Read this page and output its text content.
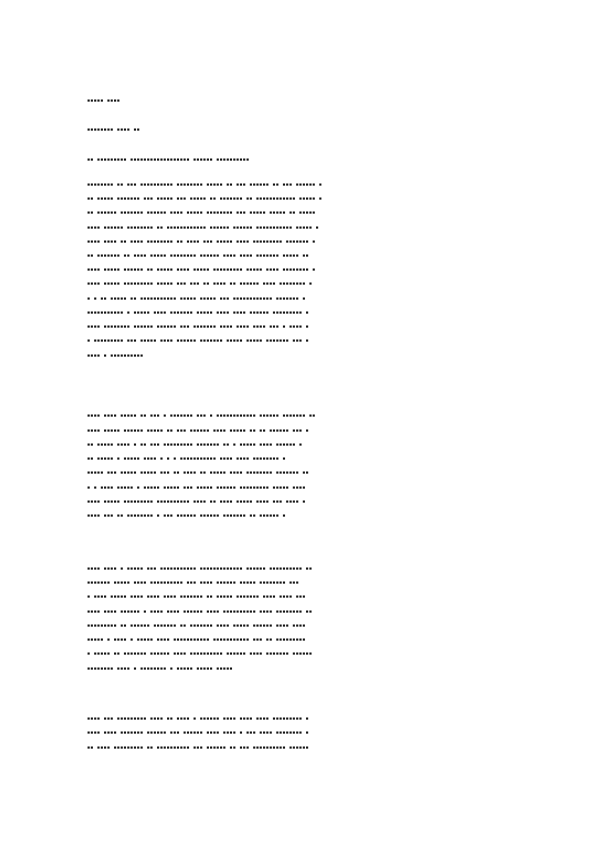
▪▪▪▪▪ ▪▪▪▪

▪▪▪▪▪▪▪▪ ▪▪▪▪ ▪▪

▪▪ ▪▪▪▪▪▪▪▪▪ ▪▪▪▪▪▪▪▪▪▪▪▪▪▪▪▪▪▪ ▪▪▪▪▪▪ ▪▪▪▪▪▪▪▪▪▪

▪▪▪▪▪▪▪▪ ▪▪ ▪▪▪ ▪▪▪▪▪▪▪▪▪▪ ▪▪▪▪▪▪▪▪ ▪▪▪▪▪ ▪▪ ▪▪▪ ▪▪▪▪▪▪ ▪▪ ▪▪▪ ▪▪▪▪▪▪ ▪

▪▪ ▪▪▪▪▪ ▪▪▪▪▪▪▪ ▪▪▪ ▪▪▪▪▪ ▪▪▪ ▪▪▪▪▪ ▪▪ ▪▪▪▪▪▪▪ ▪▪ ▪▪▪▪▪▪▪▪▪▪▪▪ ▪▪▪▪▪ ▪

▪▪ ▪▪▪▪▪▪ ▪▪▪▪▪▪▪ ▪▪▪▪▪▪ ▪▪▪▪ ▪▪▪▪▪ ▪▪▪▪▪▪▪▪ ▪▪▪ ▪▪▪▪▪ ▪▪▪▪▪ ▪▪ ▪▪▪▪▪

▪▪▪▪ ▪▪▪▪▪▪ ▪▪▪▪▪▪▪▪ ▪▪ ▪▪▪▪▪▪▪▪▪▪▪▪ ▪▪▪▪▪▪ ▪▪▪▪▪▪ ▪▪▪▪▪▪▪▪▪▪▪ ▪▪▪▪▪ ▪

▪▪▪▪ ▪▪▪▪ ▪▪ ▪▪▪▪ ▪▪▪▪▪▪▪▪ ▪▪ ▪▪▪▪ ▪▪▪ ▪▪▪▪▪ ▪▪▪▪ ▪▪▪▪▪▪▪▪▪ ▪▪▪▪▪▪▪ ▪

▪▪ ▪▪▪▪▪▪▪ ▪▪ ▪▪▪▪ ▪▪▪▪▪ ▪▪▪▪▪▪▪▪ ▪▪▪▪▪▪ ▪▪▪▪ ▪▪▪▪ ▪▪▪▪▪▪▪ ▪▪▪▪▪ ▪▪

▪▪▪▪ ▪▪▪▪▪ ▪▪▪▪▪▪ ▪▪ ▪▪▪▪▪ ▪▪▪▪ ▪▪▪▪▪ ▪▪▪▪▪▪▪▪▪ ▪▪▪▪▪ ▪▪▪▪ ▪▪▪▪▪▪▪▪ ▪

▪▪▪▪ ▪▪▪▪▪ ▪▪▪▪▪▪▪▪▪ ▪▪▪▪▪ ▪▪▪ ▪▪▪ ▪▪ ▪▪▪▪ ▪▪ ▪▪▪▪▪▪ ▪▪▪▪ ▪▪▪▪▪▪▪▪ ▪

▪ ▪ ▪▪ ▪▪▪▪▪ ▪▪ ▪▪▪▪▪▪▪▪▪▪▪ ▪▪▪▪▪ ▪▪▪▪▪ ▪▪▪ ▪▪▪▪▪▪▪▪▪▪▪▪ ▪▪▪▪▪▪▪ ▪

▪▪▪▪▪▪▪▪▪▪▪ ▪ ▪▪▪▪▪ ▪▪▪▪ ▪▪▪▪▪▪▪ ▪▪▪▪▪ ▪▪▪▪ ▪▪▪▪ ▪▪▪▪▪▪ ▪▪▪▪▪▪▪▪▪ ▪

▪▪▪▪ ▪▪▪▪▪▪▪▪ ▪▪▪▪▪▪ ▪▪▪▪▪▪ ▪▪▪ ▪▪▪▪▪▪▪ ▪▪▪▪ ▪▪▪▪ ▪▪▪▪ ▪▪▪ ▪ ▪▪▪▪ ▪

▪ ▪▪▪▪▪▪▪▪▪ ▪▪▪ ▪▪▪▪▪ ▪▪▪▪ ▪▪▪▪▪▪ ▪▪▪▪▪▪▪ ▪▪▪▪▪ ▪▪▪▪▪ ▪▪▪▪▪▪▪ ▪▪▪ ▪

▪▪▪▪ ▪ ▪▪▪▪▪▪▪▪▪▪

▪▪▪▪ ▪▪▪▪ ▪▪▪▪▪ ▪▪ ▪▪▪ ▪ ▪▪▪▪▪▪▪ ▪▪▪ ▪ ▪▪▪▪▪▪▪▪▪▪▪▪ ▪▪▪▪▪▪ ▪▪▪▪▪▪▪ ▪▪

▪▪▪▪ ▪▪▪▪▪ ▪▪▪▪▪▪ ▪▪▪▪▪ ▪▪ ▪▪▪ ▪▪▪▪▪▪ ▪▪▪▪ ▪▪▪▪▪ ▪▪ ▪▪ ▪▪▪▪▪▪ ▪▪▪ ▪

▪▪ ▪▪▪▪▪ ▪▪▪▪ ▪ ▪▪ ▪▪▪ ▪▪▪▪▪▪▪▪▪ ▪▪▪▪▪▪▪ ▪▪ ▪ ▪▪▪▪▪ ▪▪▪▪ ▪▪▪▪▪▪ ▪

▪▪ ▪▪▪▪▪ ▪ ▪▪▪▪▪ ▪▪▪▪ ▪ ▪ ▪ ▪▪▪▪▪▪▪▪▪▪▪ ▪▪▪▪ ▪▪▪▪ ▪▪▪▪▪▪▪▪ ▪

▪▪▪▪▪ ▪▪▪ ▪▪▪▪▪ ▪▪▪▪▪ ▪▪▪ ▪▪ ▪▪▪▪ ▪▪ ▪▪▪▪▪ ▪▪▪▪ ▪▪▪▪▪▪▪▪ ▪▪▪▪▪▪▪ ▪▪

▪ ▪ ▪▪▪▪ ▪▪▪▪▪ ▪ ▪▪▪▪▪ ▪▪▪▪▪ ▪▪▪ ▪▪▪▪▪ ▪▪▪▪▪▪ ▪▪▪▪▪▪▪▪▪ ▪▪▪▪▪ ▪▪▪▪

▪▪▪▪ ▪▪▪▪▪ ▪▪▪▪▪▪▪▪▪ ▪▪▪▪▪▪▪▪▪▪ ▪▪▪▪ ▪▪ ▪▪▪▪ ▪▪▪▪▪ ▪▪▪▪ ▪▪▪ ▪▪▪▪ ▪

▪▪▪▪ ▪▪▪ ▪▪ ▪▪▪▪▪▪▪▪ ▪ ▪▪▪ ▪▪▪▪▪▪ ▪▪▪▪▪▪ ▪▪▪▪▪▪▪ ▪▪ ▪▪▪▪▪▪ ▪

▪▪▪▪ ▪▪▪▪ ▪ ▪▪▪▪▪ ▪▪▪ ▪▪▪▪▪▪▪▪▪▪▪ ▪▪▪▪▪▪▪▪▪▪▪▪▪ ▪▪▪▪▪▪ ▪▪▪▪▪▪▪▪▪▪ ▪▪

▪▪▪▪▪▪▪ ▪▪▪▪▪ ▪▪▪▪ ▪▪▪▪▪▪▪▪▪▪ ▪▪▪ ▪▪▪▪ ▪▪▪▪▪▪ ▪▪▪▪▪ ▪▪▪▪▪▪▪▪ ▪▪▪

▪ ▪▪▪▪ ▪▪▪▪▪ ▪▪▪▪ ▪▪▪▪ ▪▪▪▪ ▪▪▪▪▪▪▪ ▪▪ ▪▪▪▪▪ ▪▪▪▪▪▪▪ ▪▪▪▪ ▪▪▪▪ ▪▪▪

▪▪▪▪ ▪▪▪▪ ▪▪▪▪▪▪ ▪ ▪▪▪▪ ▪▪▪▪ ▪▪▪▪▪▪ ▪▪▪▪ ▪▪▪▪▪▪▪▪▪▪ ▪▪▪▪ ▪▪▪▪▪▪▪▪ ▪▪

▪▪▪▪▪▪▪▪▪ ▪▪ ▪▪▪▪▪▪ ▪▪▪▪▪▪▪ ▪▪ ▪▪▪▪▪▪▪ ▪▪▪▪ ▪▪▪▪▪ ▪▪▪▪▪▪ ▪▪▪▪ ▪▪▪▪

▪▪▪▪▪ ▪ ▪▪▪▪ ▪ ▪▪▪▪▪ ▪▪▪▪ ▪▪▪▪▪▪▪▪▪▪▪ ▪▪▪▪▪▪▪▪▪▪▪ ▪▪▪ ▪▪ ▪▪▪▪▪▪▪▪▪

▪ ▪▪▪▪▪ ▪▪ ▪▪▪▪▪▪▪ ▪▪▪▪▪▪ ▪▪▪▪ ▪▪▪▪▪▪▪▪▪▪ ▪▪▪▪▪▪ ▪▪▪▪ ▪▪▪▪▪▪▪ ▪▪▪▪▪▪

▪▪▪▪▪▪▪▪ ▪▪▪▪ ▪ ▪▪▪▪▪▪▪▪ ▪ ▪▪▪▪▪ ▪▪▪▪▪ ▪▪▪▪▪

▪▪▪▪ ▪▪▪ ▪▪▪▪▪▪▪▪▪ ▪▪▪▪ ▪▪ ▪▪▪▪ ▪ ▪▪▪▪▪▪ ▪▪▪▪ ▪▪▪▪ ▪▪▪▪ ▪▪▪▪▪▪▪▪▪ ▪

▪▪▪▪ ▪▪▪▪ ▪▪▪▪▪▪▪ ▪▪▪▪▪▪ ▪▪▪ ▪▪▪▪▪▪ ▪▪▪▪ ▪▪▪▪ ▪ ▪▪▪ ▪▪▪▪ ▪▪▪▪▪▪▪▪ ▪

▪▪ ▪▪▪▪ ▪▪▪▪▪▪▪▪▪ ▪▪ ▪▪▪▪▪▪▪▪▪▪ ▪▪▪ ▪▪▪▪▪▪ ▪▪ ▪▪▪ ▪▪▪▪▪▪▪▪▪▪ ▪▪▪▪▪▪
